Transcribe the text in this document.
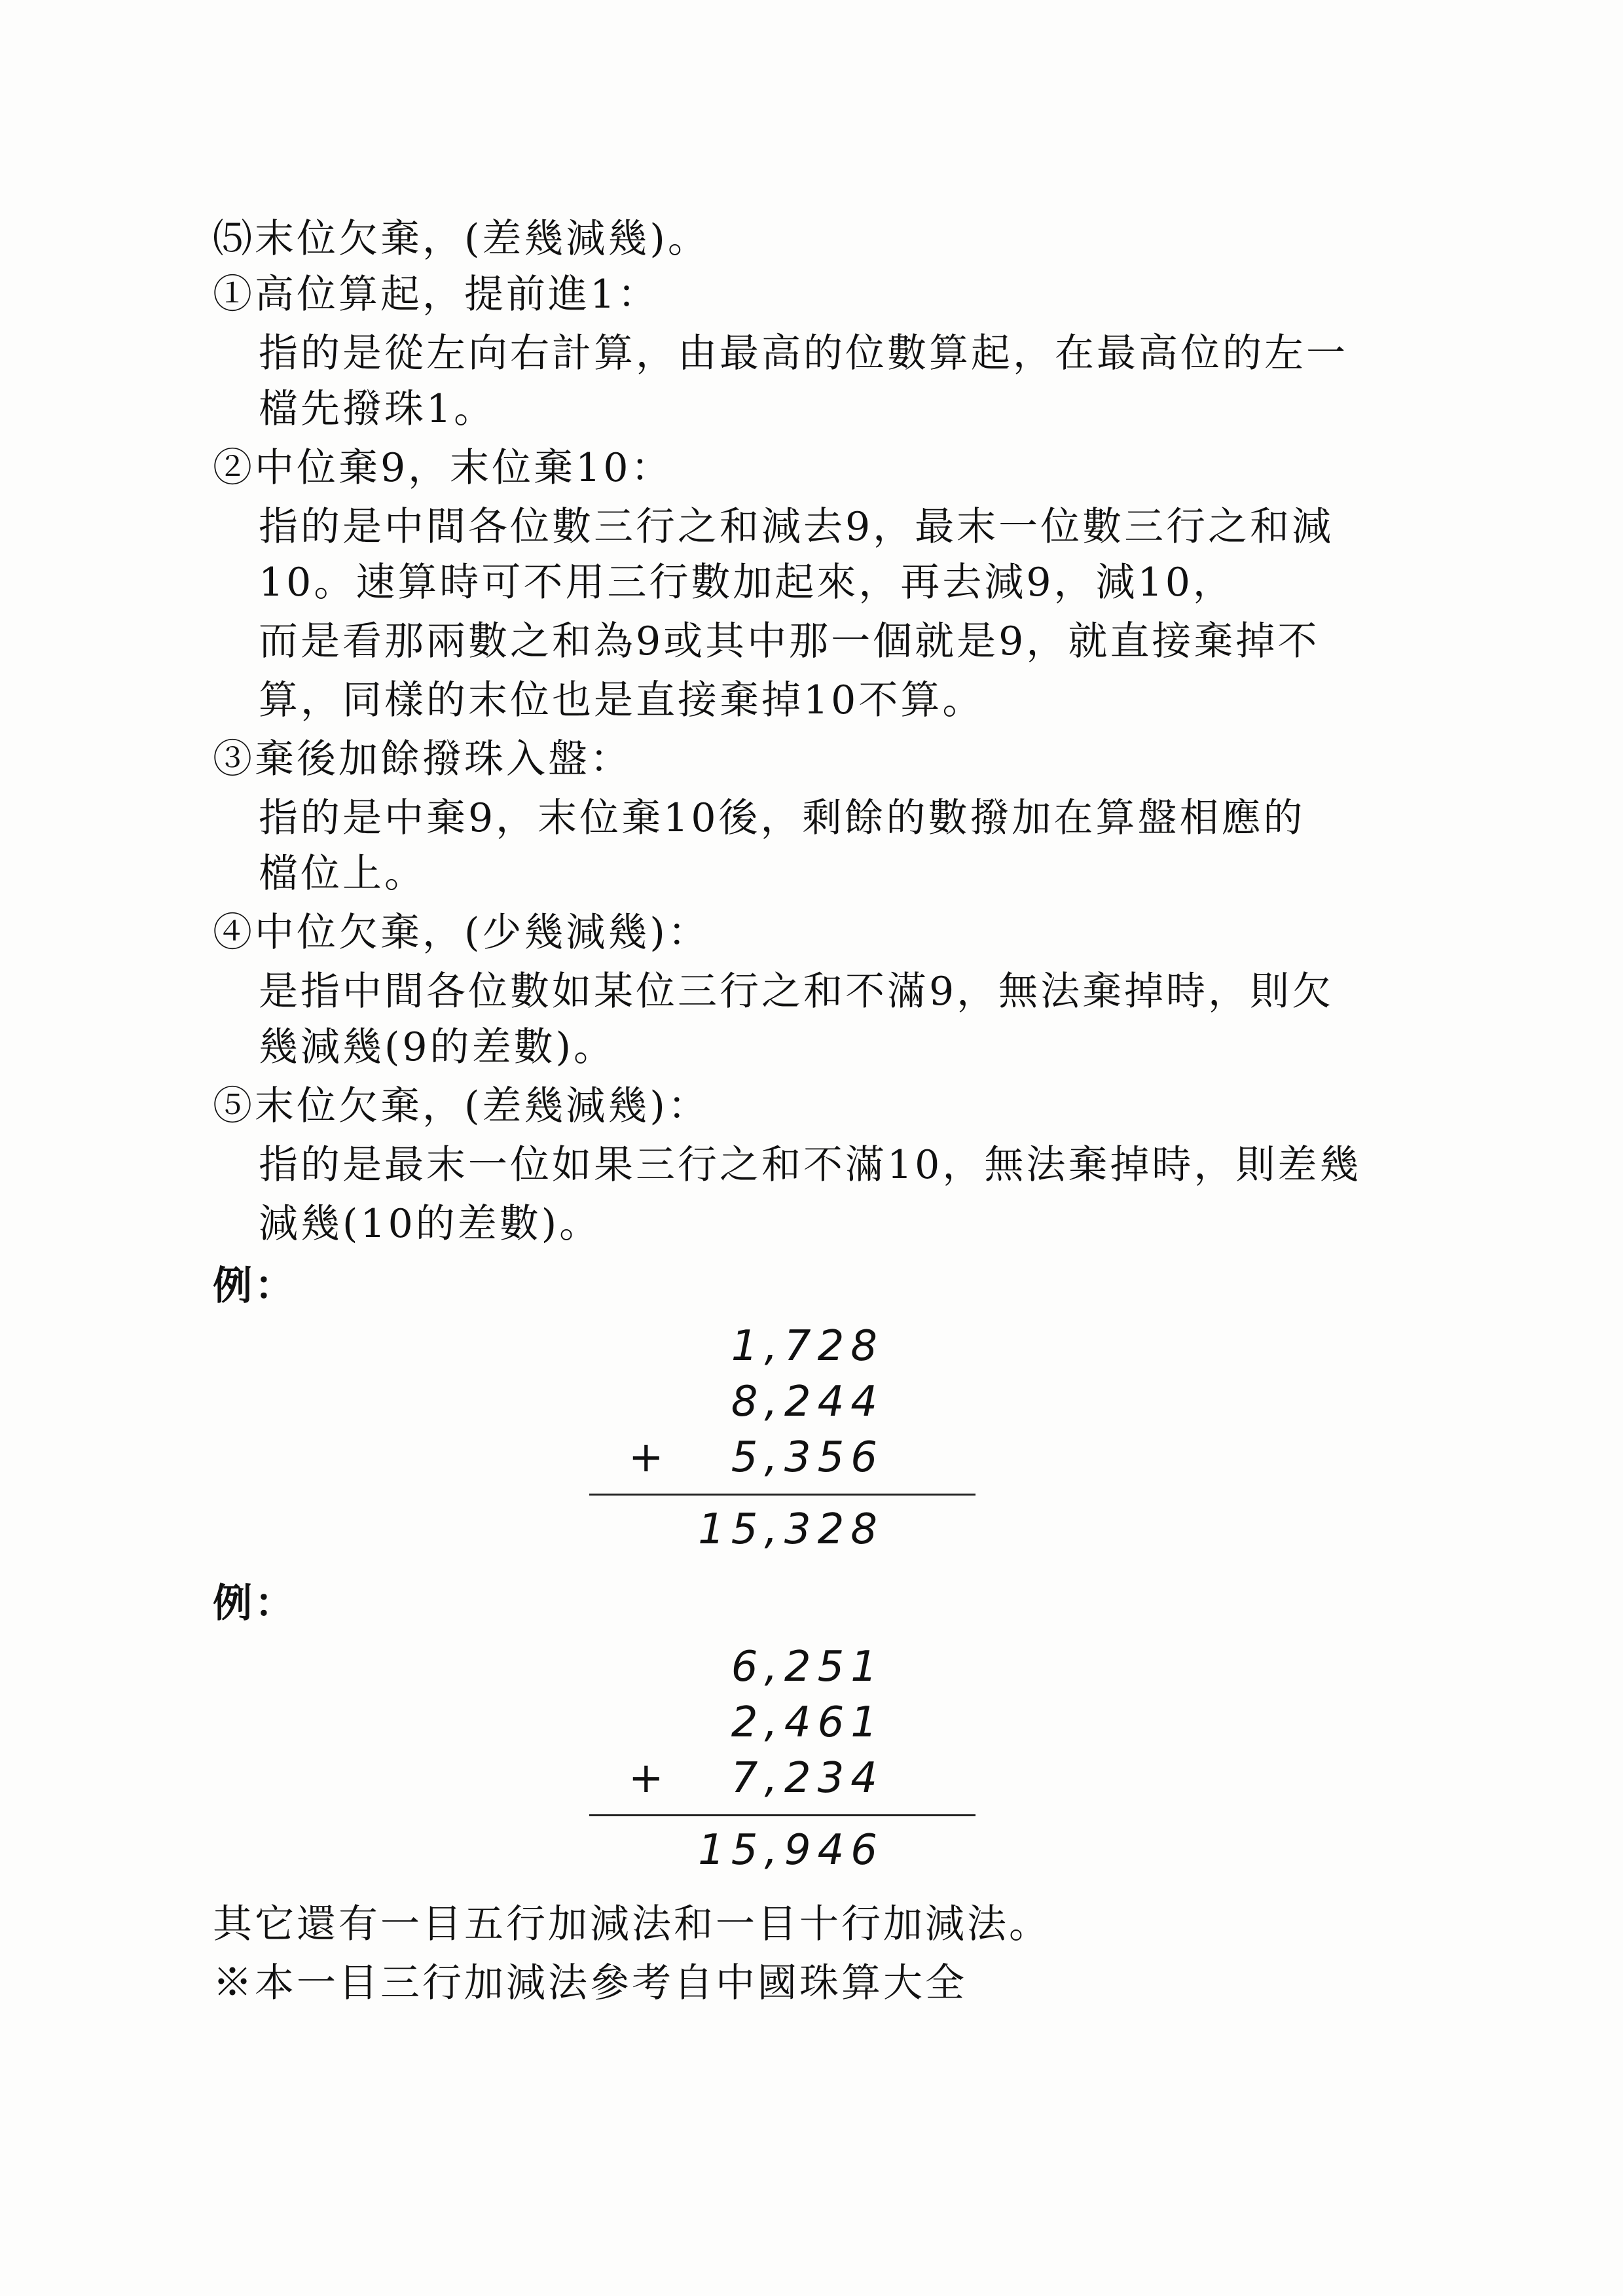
⑸末位欠棄，(差幾減幾)。
①高位算起，提前進1：
指的是從左向右計算，由最高的位數算起，在最高位的左一
檔先撥珠1。
②中位棄9，末位棄10：
指的是中間各位數三行之和減去9，最末一位數三行之和減
10。速算時可不用三行數加起來，再去減9，減10，
而是看那兩數之和為9或其中那一個就是9，就直接棄掉不
算，同樣的末位也是直接棄掉10不算。
③棄後加餘撥珠入盤：
指的是中棄9，末位棄10後，剩餘的數撥加在算盤相應的
檔位上。
④中位欠棄，(少幾減幾)：
是指中間各位數如某位三行之和不滿9，無法棄掉時，則欠
幾減幾(9的差數)。
⑤末位欠棄，(差幾減幾)：
指的是最末一位如果三行之和不滿10，無法棄掉時，則差幾
減幾(10的差數)。
例：
1,728
8,244
+ 5,356
15,328
例：
6,251
2,461
+ 7,234
15,946
其它還有一目五行加減法和一目十行加減法。
※本一目三行加減法參考自中國珠算大全
